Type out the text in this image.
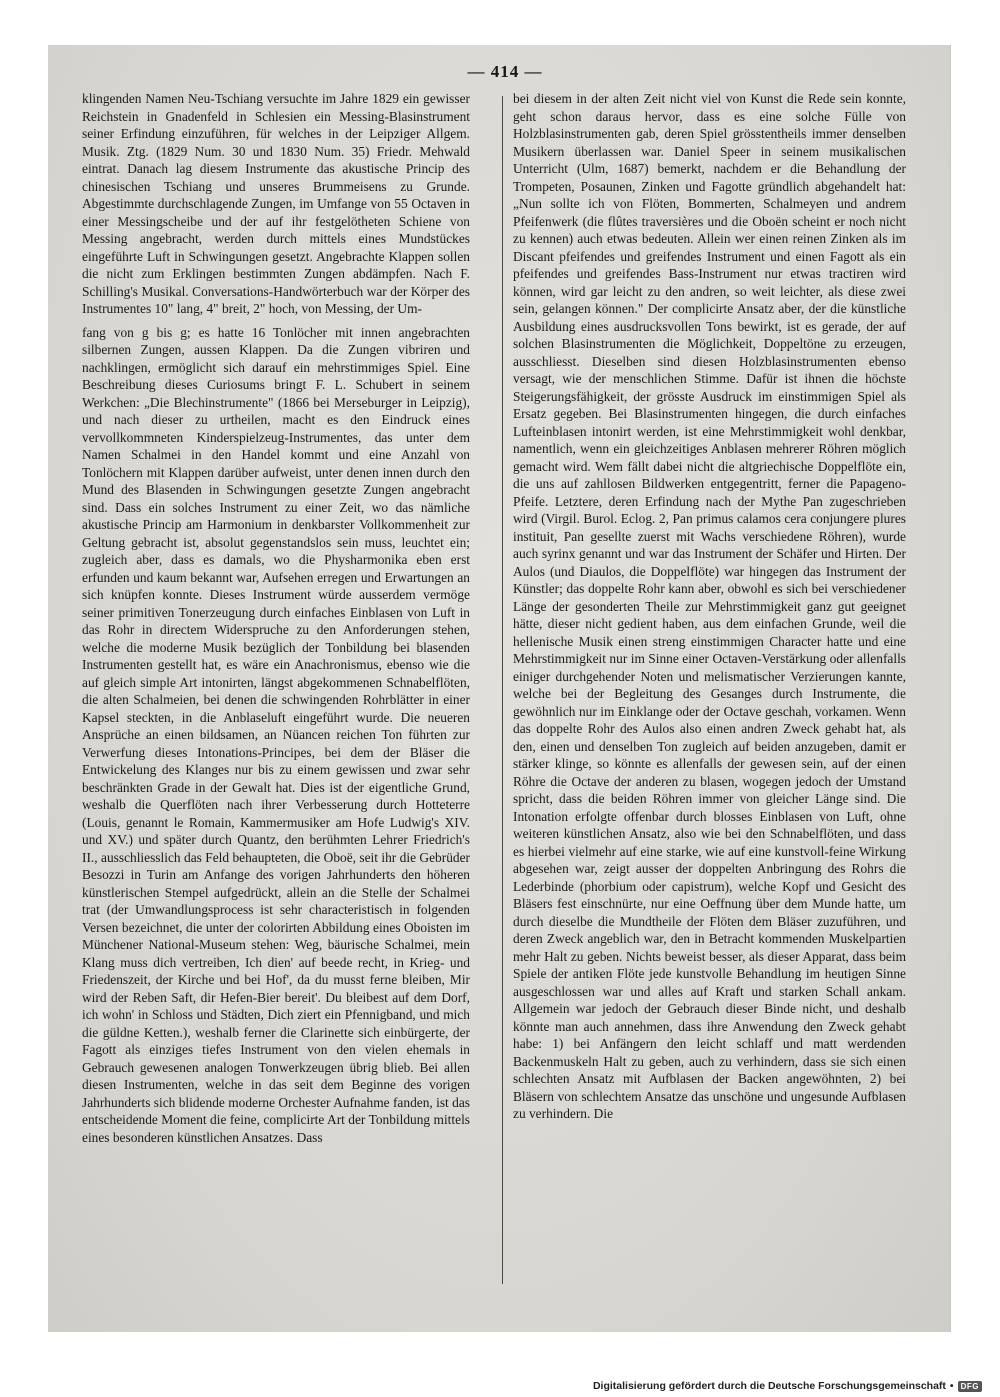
— 414 —

klingenden Namen Neu-Tschiang versuchte im Jahre 1829 ein gewisser Reichstein in Gnadenfeld in Schlesien ein Messing-Blasinstrument seiner Erfindung einzuführen, für welches in der Leipziger Allgem. Musik. Ztg. (1829 Num. 30 und 1830 Num. 35) Friedr. Mehwald eintrat. Danach lag diesem Instrumente das akustische Princip des chinesischen Tschiang und unseres Brummeisens zu Grunde. Abgestimmte durchschlagende Zungen, im Umfange von 55 Octaven in einer Messingscheibe und der auf ihr festgelötheten Schiene von Messing angebracht, werden durch mittels eines Mundstückes eingeführte Luft in Schwingungen gesetzt. Angebrachte Klappen sollen die nicht zum Erklingen bestimmten Zungen abdämpfen. Nach F. Schilling's Musikal. Conversations-Handwörterbuch war der Körper des Instrumentes 10" lang, 4" breit, 2" hoch, von Messing, der Um-

fang von g bis g; es hatte 16 Tonlöcher mit innen angebrachten silbernen Zungen, aussen Klappen. Da die Zungen vibriren und nachklingen, ermöglicht sich darauf ein mehrstimmiges Spiel. Eine Beschreibung dieses Curiosums bringt F. L. Schubert in seinem Werkchen: „Die Blechinstrumente" (1866 bei Merseburger in Leipzig), und nach dieser zu urtheilen, macht es den Eindruck eines vervollkommneten Kinderspielzeug-Instrumentes, das unter dem Namen Schalmei in den Handel kommt und eine Anzahl von Tonlöchern mit Klappen darüber aufweist, unter denen innen durch den Mund des Blasenden in Schwingungen gesetzte Zungen angebracht sind. Dass ein solches Instrument zu einer Zeit, wo das nämliche akustische Princip am Harmonium in denkbarster Vollkommenheit zur Geltung gebracht ist, absolut gegenstandslos sein muss, leuchtet ein; zugleich aber, dass es damals, wo die Physharmonika eben erst erfunden und kaum bekannt war, Aufsehen erregen und Erwartungen an sich knüpfen konnte. Dieses Instrument würde ausserdem vermöge seiner primitiven Tonerzeugung durch einfaches Einblasen von Luft in das Rohr in directem Widerspruche zu den Anforderungen stehen, welche die moderne Musik bezüglich der Tonbildung bei blasenden Instrumenten gestellt hat, es wäre ein Anachronismus, ebenso wie die auf gleich simple Art intonirten, längst abgekommenen Schnabelflöten, die alten Schalmeien, bei denen die schwingenden Rohrblätter in einer Kapsel steckten, in die Anblaseluft eingeführt wurde. Die neueren Ansprüche an einen bildsamen, an Nüancen reichen Ton führten zur Verwerfung dieses Intonations-Principes, bei dem der Bläser die Entwickelung des Klanges nur bis zu einem gewissen und zwar sehr beschränkten Grade in der Gewalt hat. Dies ist der eigentliche Grund, weshalb die Querflöten nach ihrer Verbesserung durch Hotteterre (Louis, genannt le Romain, Kammermusiker am Hofe Ludwig's XIV. und XV.) und später durch Quantz, den berühmten Lehrer Friedrich's II., ausschliesslich das Feld behaupteten, die Oboë, seit ihr die Gebrüder Besozzi in Turin am Anfange des vorigen Jahrhunderts den höheren künstlerischen Stempel aufgedrückt, allein an die Stelle der Schalmei trat (der Umwandlungsprocess ist sehr characteristisch in folgenden Versen bezeichnet, die unter der colorirten Abbildung eines Oboisten im Münchener National-Museum stehen: Weg, bäurische Schalmei, mein Klang muss dich vertreiben, Ich dien' auf beede recht, in Krieg- und Friedenszeit, der Kirche und bei Hof', da du musst ferne bleiben, Mir wird der Reben Saft, dir Hefen-Bier bereit'. Du bleibest auf dem Dorf, ich wohn' in Schloss und Städten, Dich ziert ein Pfennigband, und mich die güldne Ketten.), weshalb ferner die Clarinette sich einbürgerte, der Fagott als einziges tiefes Instrument von den vielen ehemals in Gebrauch gewesenen analogen Tonwerkzeugen übrig blieb. Bei allen diesen Instrumenten, welche in das seit dem Beginne des vorigen Jahrhunderts sich blidende moderne Orchester Aufnahme fanden, ist das entscheidende Moment die feine, complicirte Art der Tonbildung mittels eines besonderen künstlichen Ansatzes. Dass

bei diesem in der alten Zeit nicht viel von Kunst die Rede sein konnte, geht schon daraus hervor, dass es eine solche Fülle von Holzblasinstrumenten gab, deren Spiel grösstentheils immer denselben Musikern überlassen war. Daniel Speer in seinem musikalischen Unterricht (Ulm, 1687) bemerkt, nachdem er die Behandlung der Trompeten, Posaunen, Zinken und Fagotte gründlich abgehandelt hat: „Nun sollte ich von Flöten, Bommerten, Schalmeyen und andrem Pfeifenwerk (die flûtes traversières und die Oboën scheint er noch nicht zu kennen) auch etwas bedeuten. Allein wer einen reinen Zinken als im Discant pfeifendes und greifendes Instrument und einen Fagott als ein pfeifendes und greifendes Bass-Instrument nur etwas tractiren wird können, wird gar leicht zu den andren, so weit leichter, als diese zwei sein, gelangen können." Der complicirte Ansatz aber, der die künstliche Ausbildung eines ausdrucksvollen Tons bewirkt, ist es gerade, der auf solchen Blasinstrumenten die Möglichkeit, Doppeltöne zu erzeugen, ausschliesst. Dieselben sind diesen Holzblasinstrumenten ebenso versagt, wie der menschlichen Stimme. Dafür ist ihnen die höchste Steigerungsfähigkeit, der grösste Ausdruck im einstimmigen Spiel als Ersatz gegeben. Bei Blasinstrumenten hingegen, die durch einfaches Lufteinblasen intonirt werden, ist eine Mehrstimmigkeit wohl denkbar, namentlich, wenn ein gleichzeitiges Anblasen mehrerer Röhren möglich gemacht wird. Wem fällt dabei nicht die altgriechische Doppelflöte ein, die uns auf zahllosen Bildwerken entgegentritt, ferner die Papageno-Pfeife. Letztere, deren Erfindung nach der Mythe Pan zugeschrieben wird (Virgil. Burol. Eclog. 2, Pan primus calamos cera conjungere plures instituit, Pan gesellte zuerst mit Wachs verschiedene Röhren), wurde auch syrinx genannt und war das Instrument der Schäfer und Hirten. Der Aulos (und Diaulos, die Doppelflöte) war hingegen das Instrument der Künstler; das doppelte Rohr kann aber, obwohl es sich bei verschiedener Länge der gesonderten Theile zur Mehrstimmigkeit ganz gut geeignet hätte, dieser nicht gedient haben, aus dem einfachen Grunde, weil die hellenische Musik einen streng einstimmigen Character hatte und eine Mehrstimmigkeit nur im Sinne einer Octaven-Verstärkung oder allenfalls einiger durchgehender Noten und melismatischer Verzierungen kannte, welche bei der Begleitung des Gesanges durch Instrumente, die gewöhnlich nur im Einklange oder der Octave geschah, vorkamen. Wenn das doppelte Rohr des Aulos also einen andren Zweck gehabt hat, als den, einen und denselben Ton zugleich auf beiden anzugeben, damit er stärker klinge, so könnte es allenfalls der gewesen sein, auf der einen Röhre die Octave der anderen zu blasen, wogegen jedoch der Umstand spricht, dass die beiden Röhren immer von gleicher Länge sind. Die Intonation erfolgte offenbar durch blosses Einblasen von Luft, ohne weiteren künstlichen Ansatz, also wie bei den Schnabelflöten, und dass es hierbei vielmehr auf eine starke, wie auf eine kunstvoll-feine Wirkung abgesehen war, zeigt ausser der doppelten Anbringung des Rohrs die Lederbinde (phorbium oder capistrum), welche Kopf und Gesicht des Bläsers fest einschnürte, nur eine Oeffnung über dem Munde hatte, um durch dieselbe die Mundtheile der Flöten dem Bläser zuzuführen, und deren Zweck angeblich war, den in Betracht kommenden Muskelpartien mehr Halt zu geben. Nichts beweist besser, als dieser Apparat, dass beim Spiele der antiken Flöte jede kunstvolle Behandlung im heutigen Sinne ausgeschlossen war und alles auf Kraft und starken Schall ankam. Allgemein war jedoch der Gebrauch dieser Binde nicht, und deshalb könnte man auch annehmen, dass ihre Anwendung den Zweck gehabt habe: 1) bei Anfängern den leicht schlaff und matt werdenden Backenmuskeln Halt zu geben, auch zu verhindern, dass sie sich einen schlechten Ansatz mit Aufblasen der Backen angewöhnten, 2) bei Bläsern von schlechtem Ansatze das unschöne und ungesunde Aufblasen zu verhindern. Die

Digitalisierung gefördert durch die Deutsche Forschungsgemeinschaft • DFG
